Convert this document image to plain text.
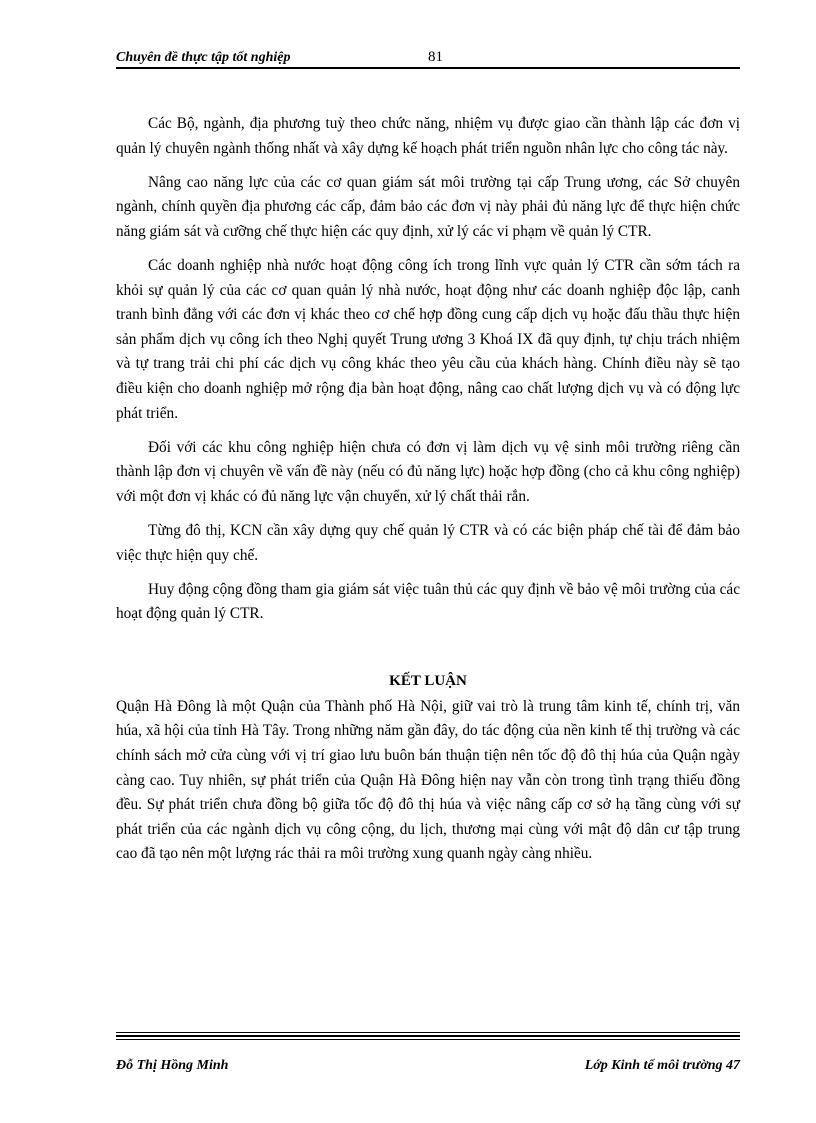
Chuyên đề thực tập tốt nghiệp	81

Các Bộ, ngành, địa phương tuỳ theo chức năng, nhiệm vụ được giao cần thành lập các đơn vị quản lý chuyên ngành thống nhất và xây dựng kế hoạch phát triển nguồn nhân lực cho công tác này.

Nâng cao năng lực của các cơ quan giám sát môi trường tại cấp Trung ương, các Sở chuyên ngành, chính quyền địa phương các cấp, đảm bảo các đơn vị này phải đủ năng lực để thực hiện chức năng giám sát và cưỡng chế thực hiện các quy định, xử lý các vi phạm về quản lý CTR.

Các doanh nghiệp nhà nước hoạt động công ích trong lĩnh vực quản lý CTR cần sớm tách ra khỏi sự quản lý của các cơ quan quản lý nhà nước, hoạt động như các doanh nghiệp độc lập, canh tranh bình đẳng với các đơn vị khác theo cơ chế hợp đồng cung cấp dịch vụ hoặc đấu thầu thực hiện sản phẩm dịch vụ công ích theo Nghị quyết Trung ương 3 Khoá IX đã quy định, tự chịu trách nhiệm và tự trang trải chi phí các dịch vụ công khác theo yêu cầu của khách hàng. Chính điều này sẽ tạo điều kiện cho doanh nghiệp mở rộng địa bàn hoạt động, nâng cao chất lượng dịch vụ và có động lực phát triển.

Đối với các khu công nghiệp hiện chưa có đơn vị làm dịch vụ vệ sinh môi trường riêng cần thành lập đơn vị chuyên về vấn đề này (nếu có đủ năng lực) hoặc hợp đồng (cho cả khu công nghiệp) với một đơn vị khác có đủ năng lực vận chuyển, xử lý chất thải rắn.

Từng đô thị, KCN cần xây dựng quy chế quản lý CTR và có các biện pháp chế tài để đảm bảo việc thực hiện quy chế.

Huy động cộng đồng tham gia giám sát việc tuân thủ các quy định về bảo vệ môi trường của các hoạt động quản lý CTR.

KẾT LUẬN

Quận Hà Đông là một Quận của Thành phố Hà Nội, giữ vai trò là trung tâm kinh tế, chính trị, văn húa, xã hội của tỉnh Hà Tây. Trong những năm gần đây, do tác động của nền kinh tế thị trường và các chính sách mở cửa cùng với vị trí giao lưu buôn bán thuận tiện nên tốc độ đô thị húa của Quận ngày càng cao. Tuy nhiên, sự phát triển của Quận Hà Đông hiện nay vẫn còn trong tình trạng thiếu đồng đều. Sự phát triển chưa đồng bộ giữa tốc độ đô thị húa và việc nâng cấp cơ sở hạ tầng cùng với sự phát triển của các ngành dịch vụ công cộng, du lịch, thương mại cùng với mật độ dân cư tập trung cao đã tạo nên một lượng rác thải ra môi trường xung quanh ngày càng nhiều.

Đỗ Thị Hồng Minh	Lớp Kinh tế môi trường 47
